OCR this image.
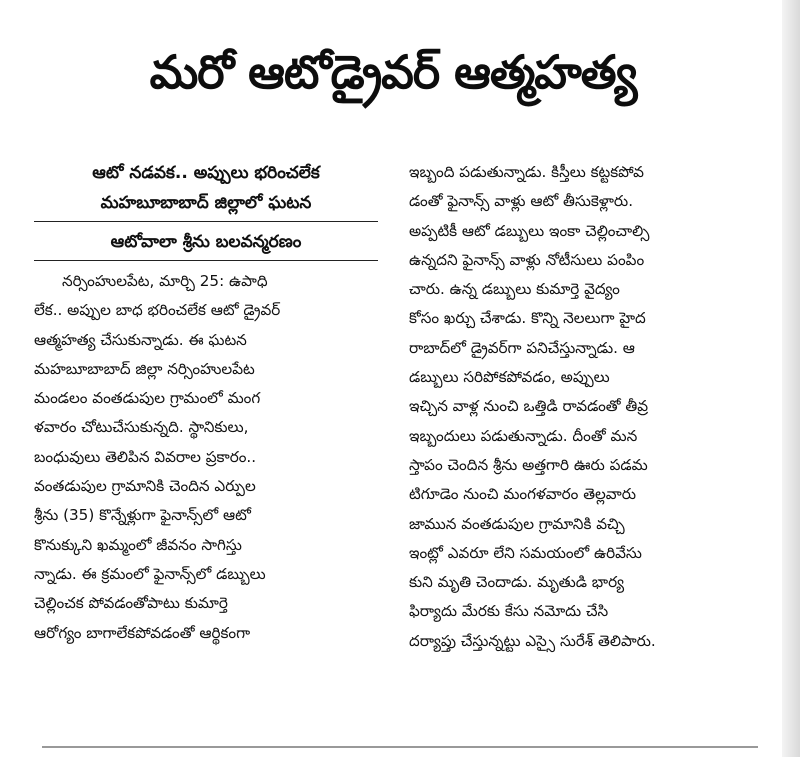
మరో ఆటోడ్రైవర్ ఆత్మహత్య
ఆటో నడవక.. అప్పులు భరించలేక
మహబూబాబాద్ జిల్లాలో ఘటన
ఆటోవాలా శ్రీను బలవన్మరణం
నర్సింహులపేట, మార్చి 25: ఉపాధి
లేక.. అప్పుల బాధ భరించలేక ఆటో డ్రైవర్
ఆత్మహత్య చేసుకున్నాడు. ఈ ఘటన
మహబూబాబాద్ జిల్లా నర్సింహులపేట
మండలం వంతడుపుల గ్రామంలో మంగ
ళవారం చోటుచేసుకున్నది. స్థానికులు,
బంధువులు తెలిపిన వివరాల ప్రకారం..
వంతడుపుల గ్రామానికి చెందిన ఎర్పుల
శ్రీను (35) కొన్నేళ్లుగా ఫైనాన్స్‌లో ఆటో
కొనుక్కుని ఖమ్మంలో జీవనం సాగిస్తు
న్నాడు. ఈ క్రమంలో ఫైనాన్స్‌లో డబ్బులు
చెల్లించక పోవడంతోపాటు కుమార్తె
ఆరోగ్యం బాగాలేకపోవడంతో ఆర్థికంగా
ఇబ్బంది పడుతున్నాడు. కిస్తీలు కట్టకపోవ
డంతో ఫైనాన్స్ వాళ్లు ఆటో తీసుకెళ్లారు.
అప్పటికీ ఆటో డబ్బులు ఇంకా చెల్లించాల్సి
ఉన్నదని ఫైనాన్స్ వాళ్లు నోటీసులు పంపిం
చారు. ఉన్న డబ్బులు కుమార్తె వైద్యం
కోసం ఖర్చు చేశాడు. కొన్ని నెలలుగా హైద
రాబాద్‌లో డ్రైవర్‌గా పనిచేస్తున్నాడు. ఆ
డబ్బులు సరిపోకపోవడం, అప్పులు
ఇచ్చిన వాళ్ల నుంచి ఒత్తిడి రావడంతో తీవ్ర
ఇబ్బందులు పడుతున్నాడు. దీంతో మన
స్తాపం చెందిన శ్రీను అత్తగారి ఊరు పడమ
టిగూడెం నుంచి మంగళవారం తెల్లవారు
జామున వంతడుపుల గ్రామానికి వచ్చి
ఇంట్లో ఎవరూ లేని సమయంలో ఉరివేసు
కుని మృతి చెందాడు. మృతుడి భార్య
ఫిర్యాదు మేరకు కేసు నమోదు చేసి
దర్యాప్తు చేస్తున్నట్టు ఎస్సై సురేశ్ తెలిపారు.
